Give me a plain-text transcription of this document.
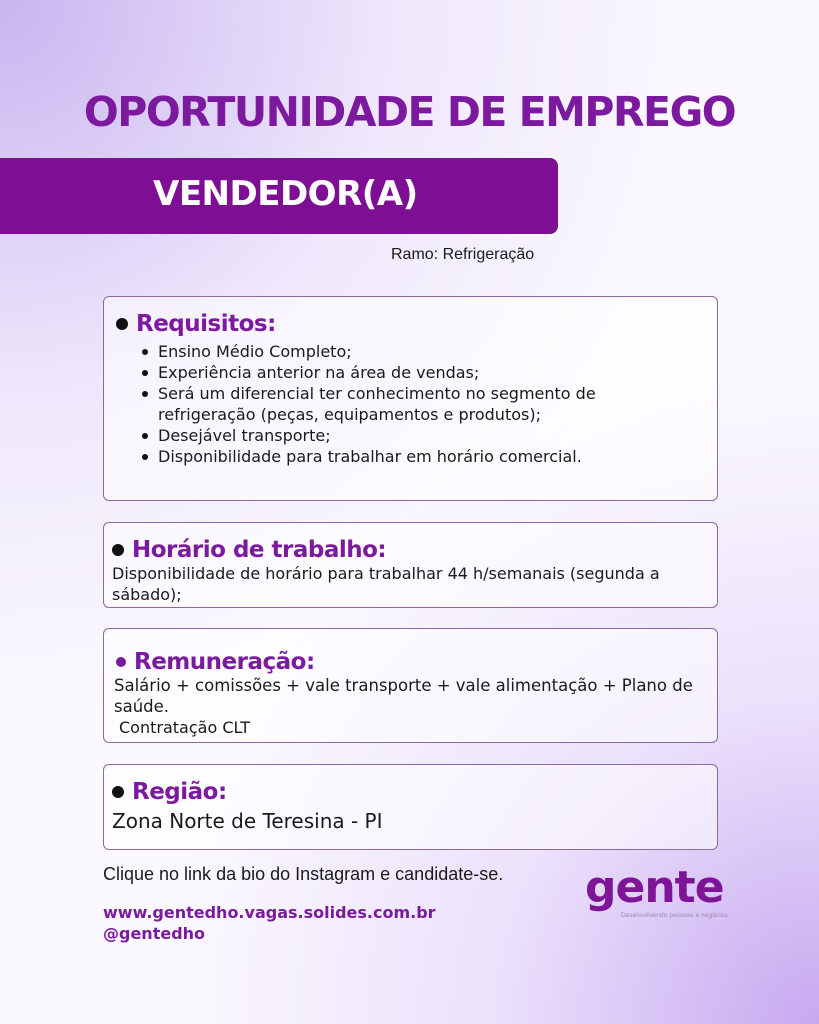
OPORTUNIDADE DE EMPREGO
VENDEDOR(A)
Ramo: Refrigeração
Requisitos:
Ensino Médio Completo;
Experiência anterior na área de vendas;
Será um diferencial ter conhecimento no segmento de refrigeração (peças, equipamentos e produtos);
Desejável transporte;
Disponibilidade para trabalhar em horário comercial.
Horário de trabalho:

Disponibilidade de horário para trabalhar 44 h/semanais (segunda a sábado);

Remuneração:

Salário + comissões + vale transporte + vale alimentação + Plano de saúde.

Contratação CLT

Região:

Zona Norte de Teresina - PI

Clique no link da bio do Instagram e candidate-se.
www.gentedho.vagas.solides.com.br
@gentedho
gente
Desenvolvendo pessoas e negócios
